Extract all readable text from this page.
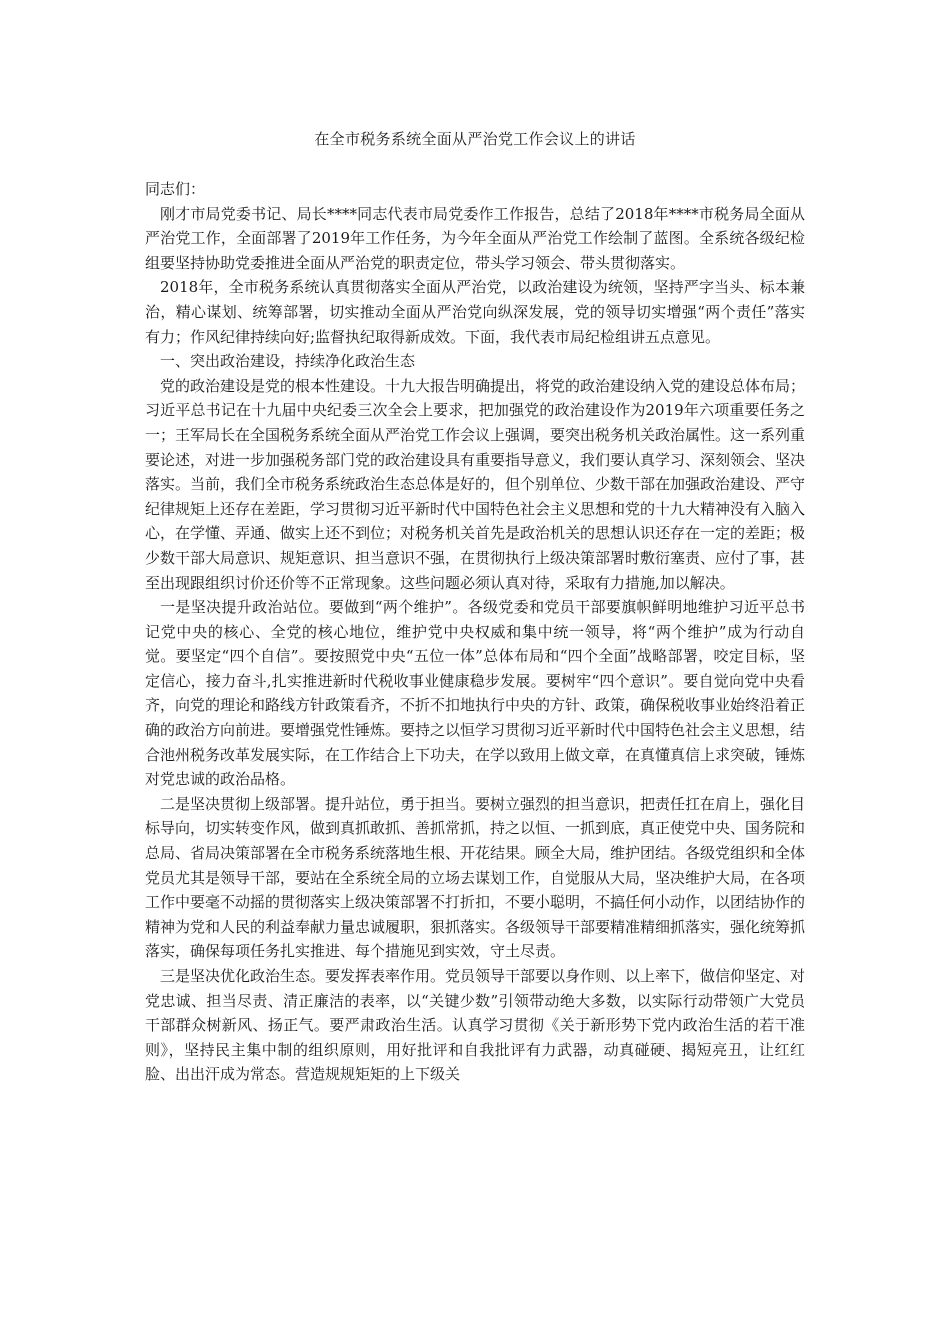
在全市税务系统全面从严治党工作会议上的讲话

同志们：

刚才市局党委书记、局长****同志代表市局党委作工作报告，总结了2018年****市税务局全面从严治党工作，全面部署了2019年工作任务，为今年全面从严治党工作绘制了蓝图。全系统各级纪检组要坚持协助党委推进全面从严治党的职责定位，带头学习领会、带头贯彻落实。

2018年，全市税务系统认真贯彻落实全面从严治党，以政治建设为统领，坚持严字当头、标本兼治，精心谋划、统筹部署，切实推动全面从严治党向纵深发展，党的领导切实增强“两个责任”落实有力；作风纪律持续向好;监督执纪取得新成效。下面，我代表市局纪检组讲五点意见。

一、突出政治建设，持续净化政治生态

党的政治建设是党的根本性建设。十九大报告明确提出，将党的政治建设纳入党的建设总体布局；习近平总书记在十九届中央纪委三次全会上要求，把加强党的政治建设作为2019年六项重要任务之一；王军局长在全国税务系统全面从严治党工作会议上强调，要突出税务机关政治属性。这一系列重要论述，对进一步加强税务部门党的政治建设具有重要指导意义，我们要认真学习、深刻领会、坚决落实。当前，我们全市税务系统政治生态总体是好的，但个别单位、少数干部在加强政治建设、严守纪律规矩上还存在差距，学习贯彻习近平新时代中国特色社会主义思想和党的十九大精神没有入脑入心，在学懂、弄通、做实上还不到位；对税务机关首先是政治机关的思想认识还存在一定的差距；极少数干部大局意识、规矩意识、担当意识不强，在贯彻执行上级决策部署时敷衍塞责、应付了事，甚至出现跟组织讨价还价等不正常现象。这些问题必须认真对待，采取有力措施,加以解决。

一是坚决提升政治站位。要做到“两个维护”。各级党委和党员干部要旗帜鲜明地维护习近平总书记党中央的核心、全党的核心地位，维护党中央权威和集中统一领导，将“两个维护”成为行动自觉。要坚定“四个自信”。要按照党中央“五位一体”总体布局和“四个全面”战略部署，咬定目标，坚定信心，接力奋斗,扎实推进新时代税收事业健康稳步发展。要树牢“四个意识”。要自觉向党中央看齐，向党的理论和路线方针政策看齐，不折不扣地执行中央的方针、政策，确保税收事业始终沿着正确的政治方向前进。要增强党性锤炼。要持之以恒学习贯彻习近平新时代中国特色社会主义思想，结合池州税务改革发展实际，在工作结合上下功夫，在学以致用上做文章，在真懂真信上求突破，锤炼对党忠诚的政治品格。

二是坚决贯彻上级部署。提升站位，勇于担当。要树立强烈的担当意识，把责任扛在肩上，强化目标导向，切实转变作风，做到真抓敢抓、善抓常抓，持之以恒、一抓到底，真正使党中央、国务院和总局、省局决策部署在全市税务系统落地生根、开花结果。顾全大局，维护团结。各级党组织和全体党员尤其是领导干部，要站在全系统全局的立场去谋划工作，自觉服从大局，坚决维护大局，在各项工作中要毫不动摇的贯彻落实上级决策部署不打折扣，不要小聪明，不搞任何小动作，以团结协作的精神为党和人民的利益奉献力量忠诚履职，狠抓落实。各级领导干部要精准精细抓落实，强化统筹抓落实，确保每项任务扎实推进、每个措施见到实效，守土尽责。

三是坚决优化政治生态。要发挥表率作用。党员领导干部要以身作则、以上率下，做信仰坚定、对党忠诚、担当尽责、清正廉洁的表率，以“关键少数”引领带动绝大多数，以实际行动带领广大党员干部群众树新风、扬正气。要严肃政治生活。认真学习贯彻《关于新形势下党内政治生活的若干准则》，坚持民主集中制的组织原则，用好批评和自我批评有力武器，动真碰硬、揭短亮丑，让红红脸、出出汗成为常态。营造规规矩矩的上下级关
